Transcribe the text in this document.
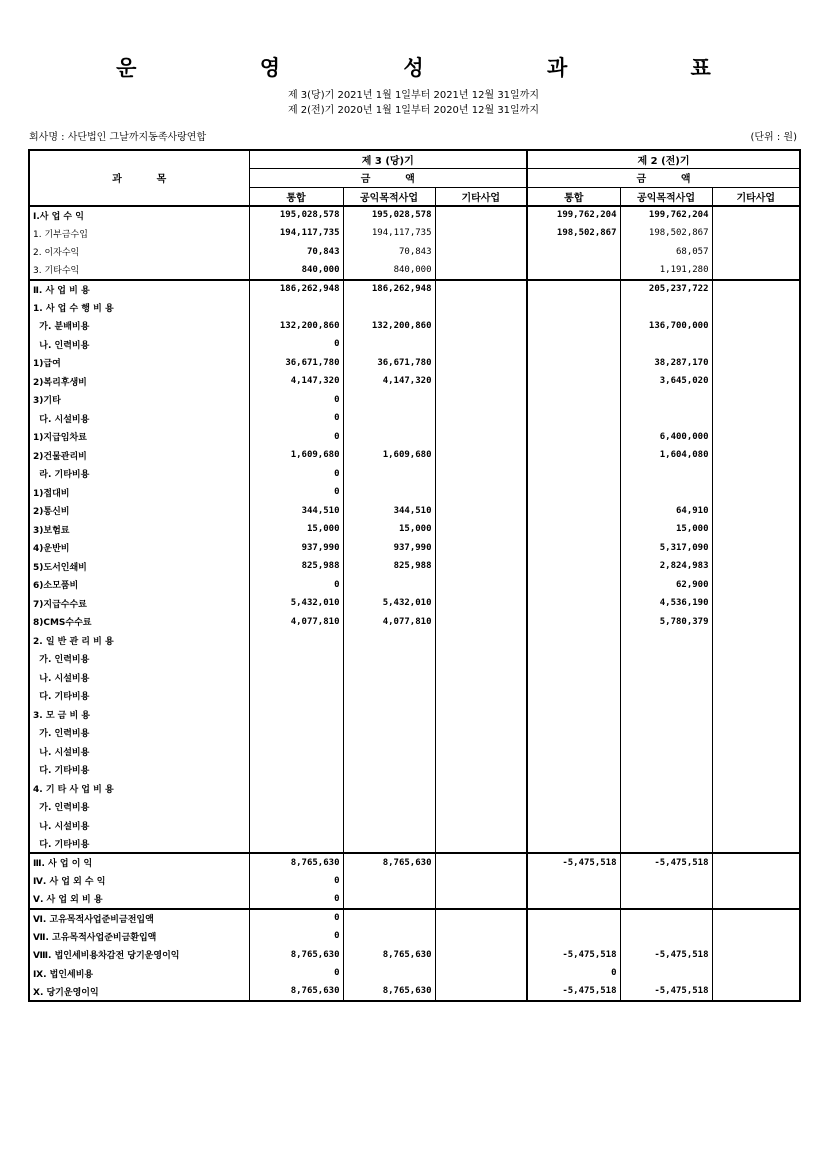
운 영 성 과 표
제 3(당)기 2021년 1월 1일부터 2021년 12월 31일까지
제 2(전)기 2020년 1월 1일부터 2020년 12월 31일까지
회사명 : 사단법인 그날까지동족사랑연합	(단위 : 원)
과          목	제 3 (당)기			제 2 (전)기		
	금          액			금          액		
	통합	공익목적사업	기타사업	통합	공익목적사업	기타사업
Ⅰ.사 업 수 익	195,028,578	195,028,578		199,762,204	199,762,204	
1. 기부금수입	194,117,735	194,117,735		198,502,867	198,502,867	
2. 이자수익	70,843	70,843			68,057	
3. 기타수익	840,000	840,000			1,191,280	
Ⅱ. 사 업 비 용	186,262,948	186,262,948			205,237,722	
1. 사 업 수 행 비 용						
가. 분배비용	132,200,860	132,200,860			136,700,000	
나. 인력비용	0					
1)급여	36,671,780	36,671,780			38,287,170	
2)복리후생비	4,147,320	4,147,320			3,645,020	
3)기타	0					
다. 시설비용	0					
1)지급임차료	0				6,400,000	
2)건물관리비	1,609,680	1,609,680			1,604,080	
라. 기타비용	0					
1)접대비	0					
2)통신비	344,510	344,510			64,910	
3)보험료	15,000	15,000			15,000	
4)운반비	937,990	937,990			5,317,090	
5)도서인쇄비	825,988	825,988			2,824,983	
6)소모품비	0				62,900	
7)지급수수료	5,432,010	5,432,010			4,536,190	
8)CMS수수료	4,077,810	4,077,810			5,780,379	
2. 일 반 관 리 비 용						
가. 인력비용						
나. 시설비용						
다. 기타비용						
3. 모 금 비 용						
가. 인력비용						
나. 시설비용						
다. 기타비용						
4. 기 타 사 업 비 용						
가. 인력비용						
나. 시설비용						
다. 기타비용						
Ⅲ. 사 업 이 익	8,765,630	8,765,630		-5,475,518	-5,475,518	
Ⅳ. 사 업 외 수 익	0					
Ⅴ. 사 업 외 비 용	0					
Ⅵ. 고유목적사업준비금전입액	0					
Ⅶ. 고유목적사업준비금환입액	0					
Ⅷ. 법인세비용차감전 당기운영이익	8,765,630	8,765,630		-5,475,518	-5,475,518	
Ⅸ. 법인세비용	0			0		
Ⅹ. 당기운영이익	8,765,630	8,765,630		-5,475,518	-5,475,518	
